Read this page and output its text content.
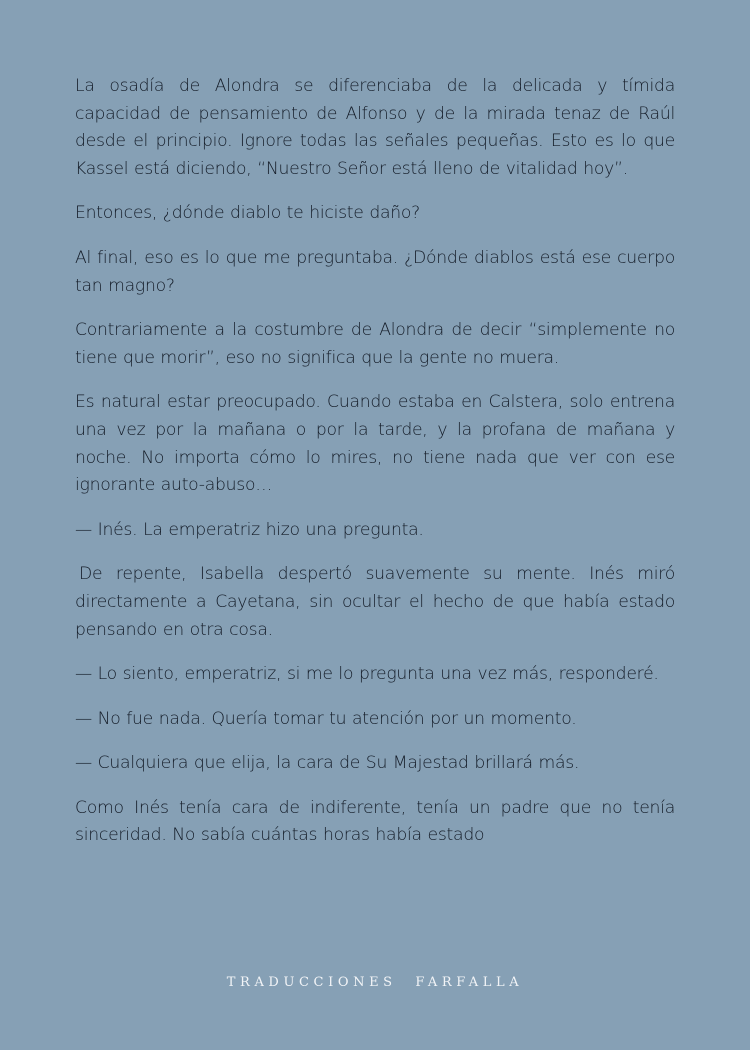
La osadía de Alondra se diferenciaba de la delicada y tímida capacidad de pensamiento de Alfonso y de la mirada tenaz de Raúl desde el principio. Ignore todas las señales pequeñas. Esto es lo que Kassel está diciendo, “Nuestro Señor está lleno de vitalidad hoy”.

Entonces, ¿dónde diablo te hiciste daño?

Al final, eso es lo que me preguntaba. ¿Dónde diablos está ese cuerpo tan magno?

Contrariamente a la costumbre de Alondra de decir “simplemente no tiene que morir”, eso no significa que la gente no muera.

Es natural estar preocupado. Cuando estaba en Calstera, solo entrena una vez por la mañana o por la tarde, y la profana de mañana y noche. No importa cómo lo mires, no tiene nada que ver con ese ignorante auto-abuso…

— Inés. La emperatriz hizo una pregunta.

De repente, Isabella despertó suavemente su mente. Inés miró directamente a Cayetana, sin ocultar el hecho de que había estado pensando en otra cosa.

— Lo siento, emperatriz, si me lo pregunta una vez más, responderé.

— No fue nada. Quería tomar tu atención por un momento.

— Cualquiera que elija, la cara de Su Majestad brillará más.

Como Inés tenía cara de indiferente, tenía un padre que no tenía sinceridad. No sabía cuántas horas había estado

TRADUCCIONES FARFALLA
